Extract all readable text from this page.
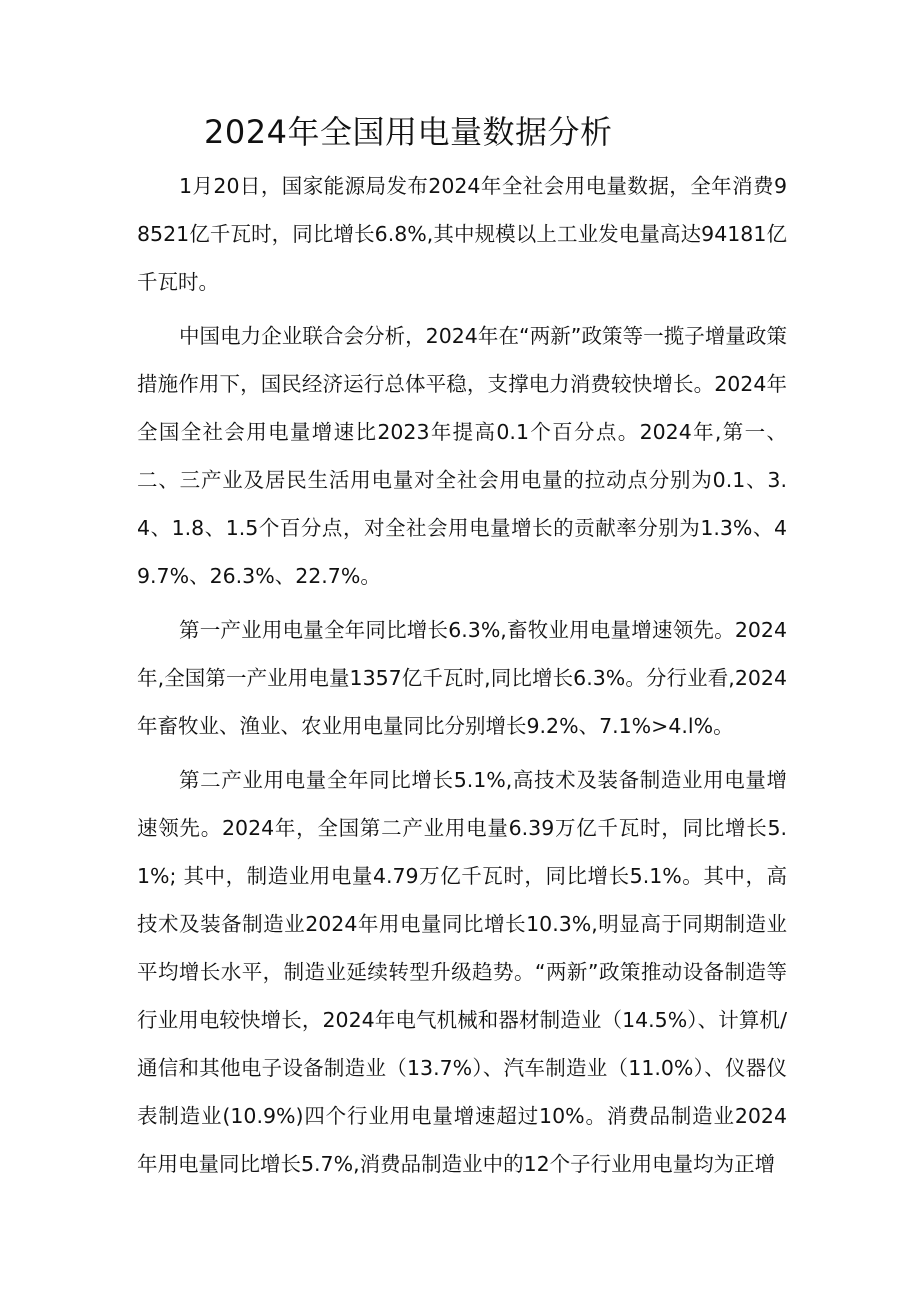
2024年全国用电量数据分析

1月20日，国家能源局发布2024年全社会用电量数据，全年消费98521亿千瓦时，同比增长6.8%,其中规模以上工业发电量高达94181亿千瓦时。

中国电力企业联合会分析，2024年在“两新”政策等一揽子增量政策措施作用下，国民经济运行总体平稳，支撑电力消费较快增长。2024年全国全社会用电量增速比2023年提高0.1个百分点。2024年,第一、二、三产业及居民生活用电量对全社会用电量的拉动点分别为0.1、3.4、1.8、1.5个百分点，对全社会用电量增长的贡献率分别为1.3%、49.7%、26.3%、22.7%。

第一产业用电量全年同比增长6.3%,畜牧业用电量增速领先。2024年,全国第一产业用电量1357亿千瓦时,同比增长6.3%。分行业看,2024年畜牧业、渔业、农业用电量同比分别增长9.2%、7.1%>4.l%。

第二产业用电量全年同比增长5.1%,高技术及装备制造业用电量增速领先。2024年，全国第二产业用电量6.39万亿千瓦时，同比增长5.1%; 其中，制造业用电量4.79万亿千瓦时，同比增长5.1%。其中，高技术及装备制造业2024年用电量同比增长10.3%,明显高于同期制造业平均增长水平，制造业延续转型升级趋势。“两新”政策推动设备制造等行业用电较快增长，2024年电气机械和器材制造业（14.5%）、计算机/通信和其他电子设备制造业（13.7%）、汽车制造业（11.0%）、仪器仪表制造业(10.9%)四个行业用电量增速超过10%。消费品制造业2024年用电量同比增长5.7%,消费品制造业中的12个子行业用电量均为正增
